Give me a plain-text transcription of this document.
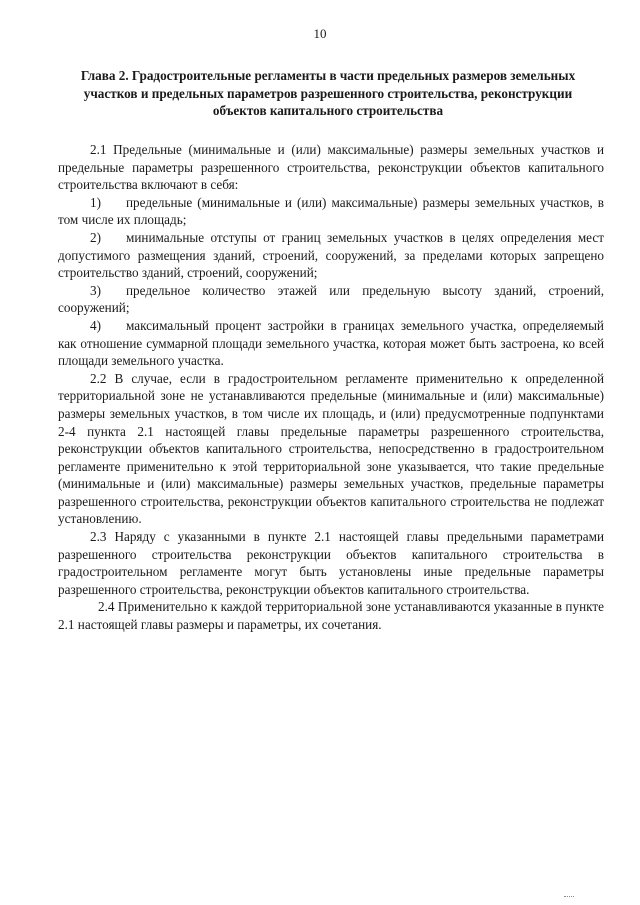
10
Глава 2. Градостроительные регламенты в части предельных размеров земельных участков и предельных параметров разрешенного строительства, реконструкции объектов капитального строительства

2.1 Предельные (минимальные и (или) максимальные) размеры земельных участков и предельные параметры разрешенного строительства, реконструкции объектов капитального строительства включают в себя:

1) предельные (минимальные и (или) максимальные) размеры земельных участков, в том числе их площадь;

2) минимальные отступы от границ земельных участков в целях определения мест допустимого размещения зданий, строений, сооружений, за пределами которых запрещено строительство зданий, строений, сооружений;

3) предельное количество этажей или предельную высоту зданий, строений, сооружений;

4) максимальный процент застройки в границах земельного участка, определяемый как отношение суммарной площади земельного участка, которая может быть застроена, ко всей площади земельного участка.

2.2 В случае, если в градостроительном регламенте применительно к определенной территориальной зоне не устанавливаются предельные (минимальные и (или) максимальные) размеры земельных участков, в том числе их площадь, и (или) предусмотренные подпунктами 2-4 пункта 2.1 настоящей главы предельные параметры разрешенного строительства, реконструкции объектов капитального строительства, непосредственно в градостроительном регламенте применительно к этой территориальной зоне указывается, что такие предельные (минимальные и (или) максимальные) размеры земельных участков, предельные параметры разрешенного строительства, реконструкции объектов капитального строительства не подлежат установлению.

2.3 Наряду с указанными в пункте 2.1 настоящей главы предельными параметрами разрешенного строительства реконструкции объектов капитального строительства в градостроительном регламенте могут быть установлены иные предельные параметры разрешенного строительства, реконструкции объектов капитального строительства.

2.4 Применительно к каждой территориальной зоне устанавливаются указанные в пункте 2.1 настоящей главы размеры и параметры, их сочетания.
